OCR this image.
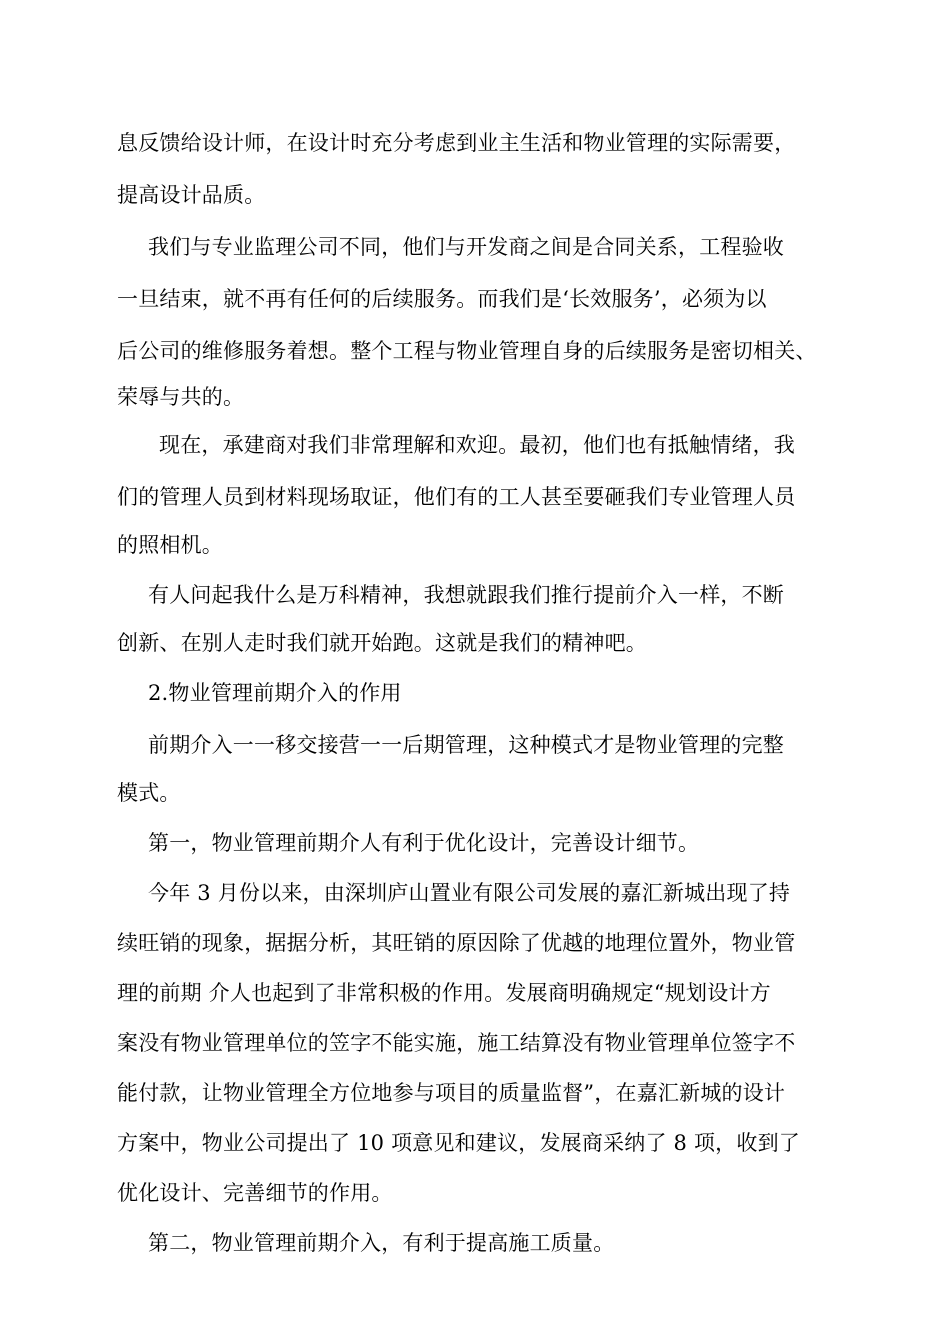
息反馈给设计师，在设计时充分考虑到业主生活和物业管理的实际需要，
提高设计品质。
我们与专业监理公司不同，他们与开发商之间是合同关系，工程验收
一旦结束，就不再有任何的后续服务。而我们是‘长效服务’，必须为以
后公司的维修服务着想。整个工程与物业管理自身的后续服务是密切相关、
荣辱与共的。
现在，承建商对我们非常理解和欢迎。最初，他们也有抵触情绪，我
们的管理人员到材料现场取证，他们有的工人甚至要砸我们专业管理人员
的照相机。
有人问起我什么是万科精神，我想就跟我们推行提前介入一样，不断
创新、在别人走时我们就开始跑。这就是我们的精神吧。
2.物业管理前期介入的作用
前期介入一一移交接营一一后期管理，这种模式才是物业管理的完整
模式。
第一，物业管理前期介人有利于优化设计，完善设计细节。
今年 3 月份以来，由深圳庐山置业有限公司发展的嘉汇新城出现了持
续旺销的现象，据据分析，其旺销的原因除了优越的地理位置外，物业管
理的前期 介人也起到了非常积极的作用。发展商明确规定“规划设计方
案没有物业管理单位的笠字不能实施，施工结算没有物业管理单位签字不
能付款，让物业管理全方位地参与项目的质量监督”，在嘉汇新城的设计
方案中，物业公司提出了 10 项意见和建议，发展商采纳了 8 项，收到了
优化设计、完善细节的作用。
第二，物业管理前期介入，有利于提高施工质量。
